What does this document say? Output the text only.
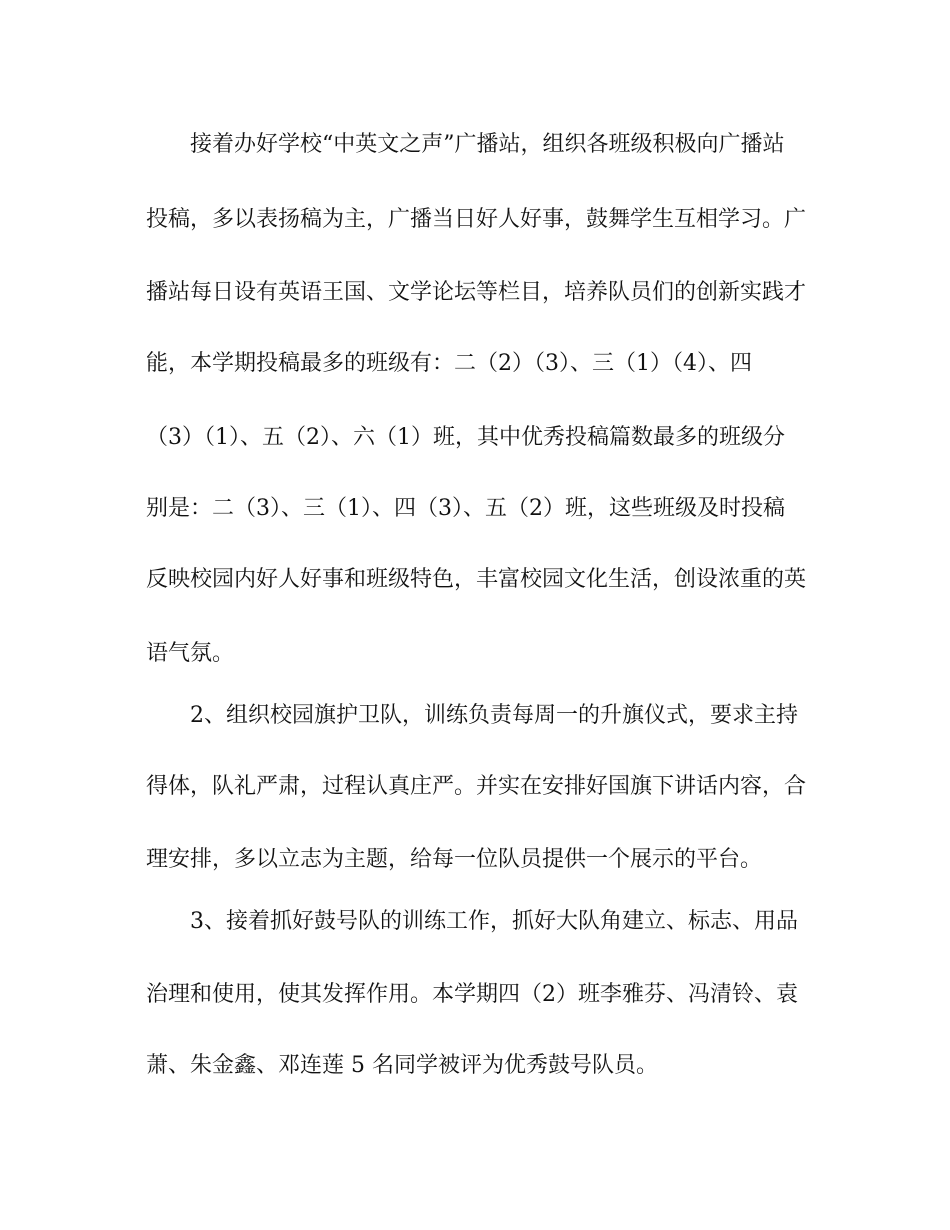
接着办好学校“中英文之声”广播站，组织各班级积极向广播站
投稿，多以表扬稿为主，广播当日好人好事，鼓舞学生互相学习。广
播站每日设有英语王国、文学论坛等栏目，培养队员们的创新实践才
能，本学期投稿最多的班级有：二（2）（3）、三（1）（4）、四
（3）（1）、五（2）、六（1）班，其中优秀投稿篇数最多的班级分
别是：二（3）、三（1）、四（3）、五（2）班，这些班级及时投稿
反映校园内好人好事和班级特色，丰富校园文化生活，创设浓重的英
语气氛。
2、组织校园旗护卫队，训练负责每周一的升旗仪式，要求主持
得体，队礼严肃，过程认真庄严。并实在安排好国旗下讲话内容，合
理安排，多以立志为主题，给每一位队员提供一个展示的平台。
3、接着抓好鼓号队的训练工作，抓好大队角建立、标志、用品
治理和使用，使其发挥作用。本学期四（2）班李雅芬、冯清铃、袁
萧、朱金鑫、邓连莲 5 名同学被评为优秀鼓号队员。
